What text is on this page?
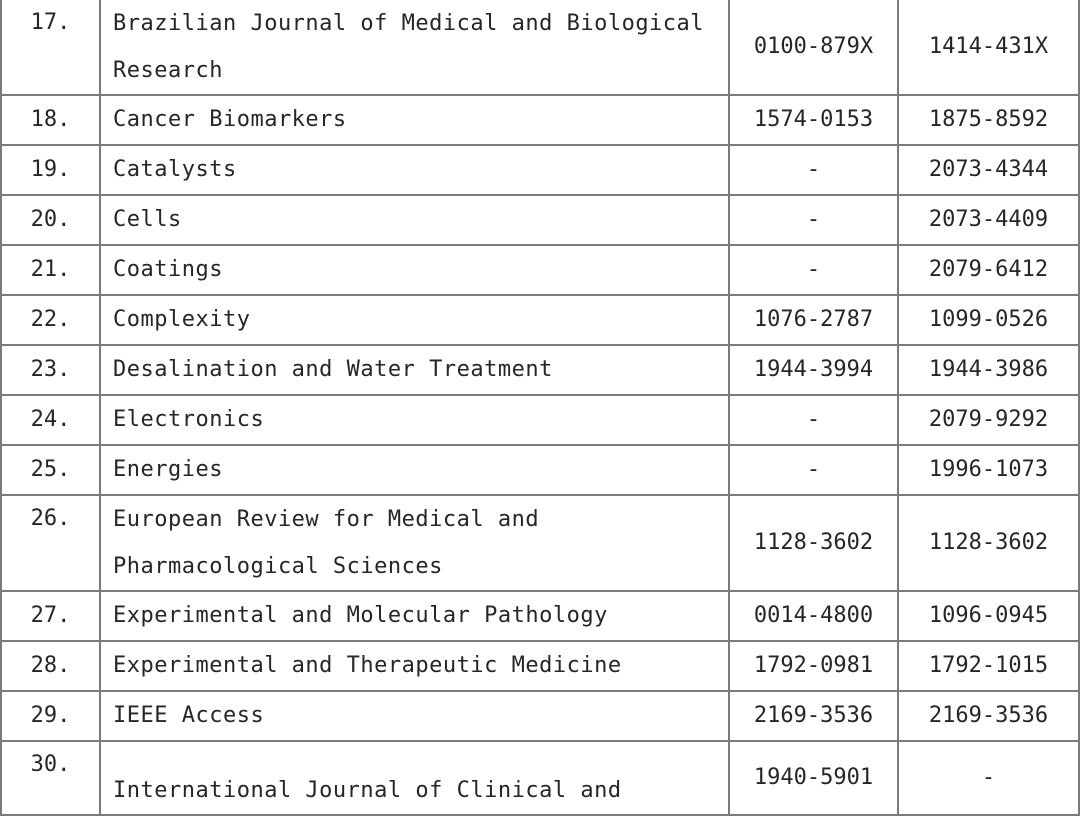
17.	Brazilian Journal of Medical and Biological Research	0100-879X	1414-431X
18.	Cancer Biomarkers	1574-0153	1875-8592
19.	Catalysts	-	2073-4344
20.	Cells	-	2073-4409
21.	Coatings	-	2079-6412
22.	Complexity	1076-2787	1099-0526
23.	Desalination and Water Treatment	1944-3994	1944-3986
24.	Electronics	-	2079-9292
25.	Energies	-	1996-1073
26.	European Review for Medical and Pharmacological Sciences	1128-3602	1128-3602
27.	Experimental and Molecular Pathology	0014-4800	1096-0945
28.	Experimental and Therapeutic Medicine	1792-0981	1792-1015
29.	IEEE Access	2169-3536	2169-3536
30.	International Journal of Clinical and	1940-5901	-
